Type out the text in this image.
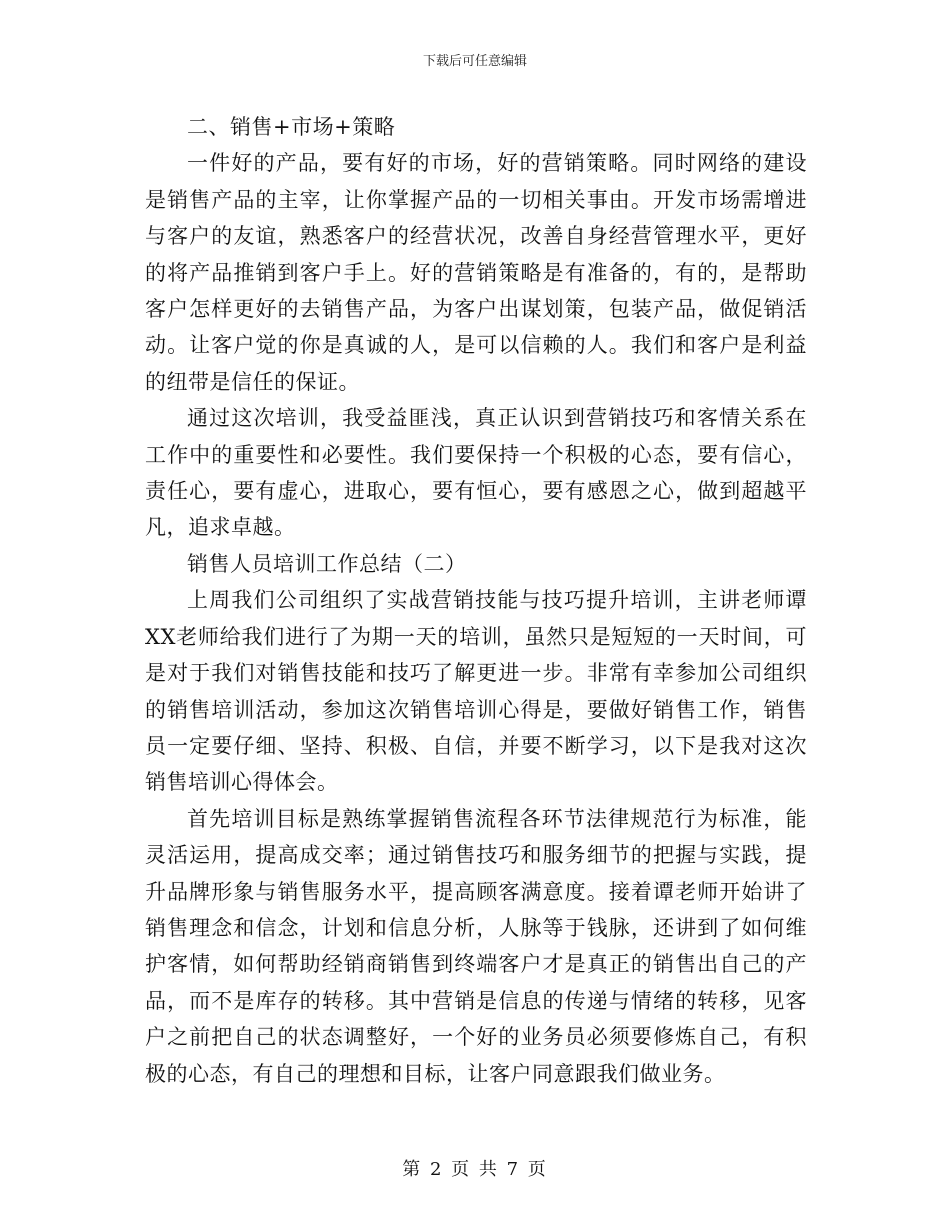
下载后可任意编辑

二、销售+市场+策略

一件好的产品，要有好的市场，好的营销策略。同时网络的建设是销售产品的主宰，让你掌握产品的一切相关事由。开发市场需增进与客户的友谊，熟悉客户的经营状况，改善自身经营管理水平，更好的将产品推销到客户手上。好的营销策略是有准备的，有的，是帮助客户怎样更好的去销售产品，为客户出谋划策，包装产品，做促销活动。让客户觉的你是真诚的人，是可以信赖的人。我们和客户是利益的纽带是信任的保证。

通过这次培训，我受益匪浅，真正认识到营销技巧和客情关系在工作中的重要性和必要性。我们要保持一个积极的心态，要有信心，责任心，要有虚心，进取心，要有恒心，要有感恩之心，做到超越平凡，追求卓越。

销售人员培训工作总结（二）

上周我们公司组织了实战营销技能与技巧提升培训，主讲老师谭XX老师给我们进行了为期一天的培训，虽然只是短短的一天时间，可是对于我们对销售技能和技巧了解更进一步。非常有幸参加公司组织的销售培训活动，参加这次销售培训心得是，要做好销售工作，销售员一定要仔细、坚持、积极、自信，并要不断学习，以下是我对这次销售培训心得体会。

首先培训目标是熟练掌握销售流程各环节法律规范行为标准，能灵活运用，提高成交率；通过销售技巧和服务细节的把握与实践，提升品牌形象与销售服务水平，提高顾客满意度。接着谭老师开始讲了销售理念和信念，计划和信息分析，人脉等于钱脉，还讲到了如何维护客情，如何帮助经销商销售到终端客户才是真正的销售出自己的产品，而不是库存的转移。其中营销是信息的传递与情绪的转移，见客户之前把自己的状态调整好，一个好的业务员必须要修炼自己，有积极的心态，有自己的理想和目标，让客户同意跟我们做业务。

第 2 页 共 7 页
